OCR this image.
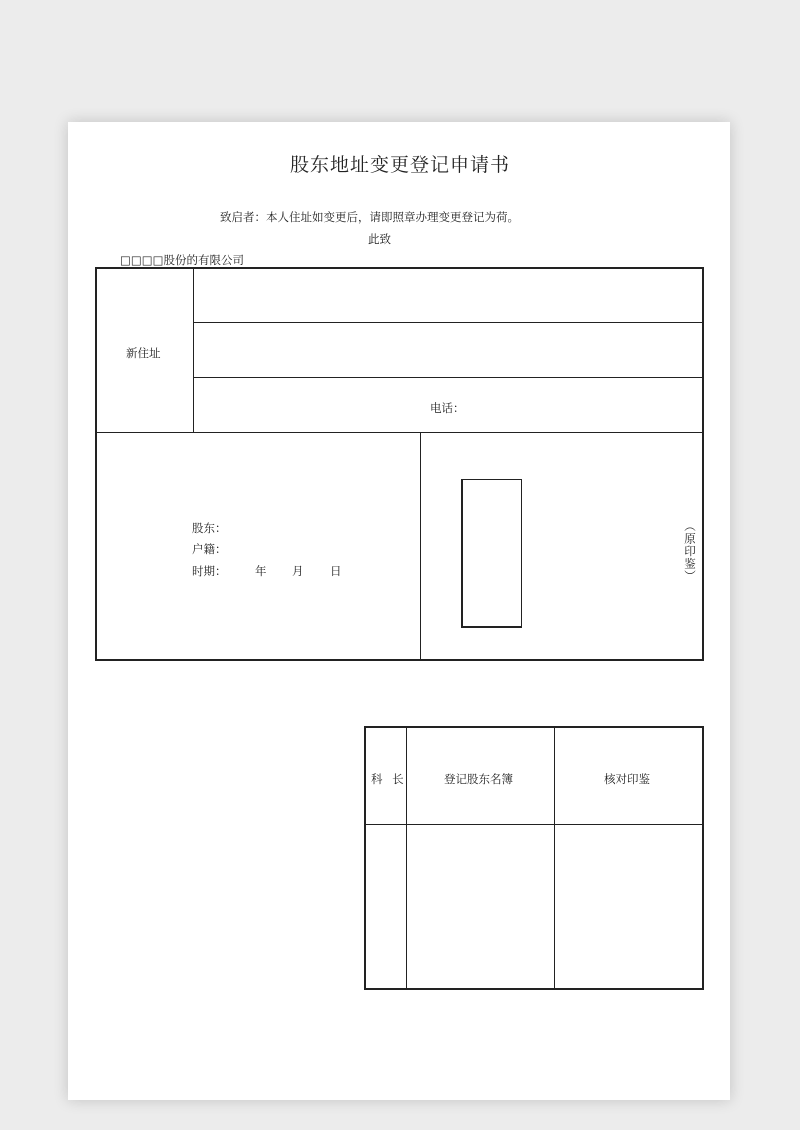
股东地址变更登记申请书
致启者：本人住址如变更后，请即照章办理变更登记为荷。
此致
□□□□股份的有限公司
新住址
电话：
股东：
户籍：
时期： 年 月 日	（原印鉴）
科 长	登记股东名簿	核对印鉴
